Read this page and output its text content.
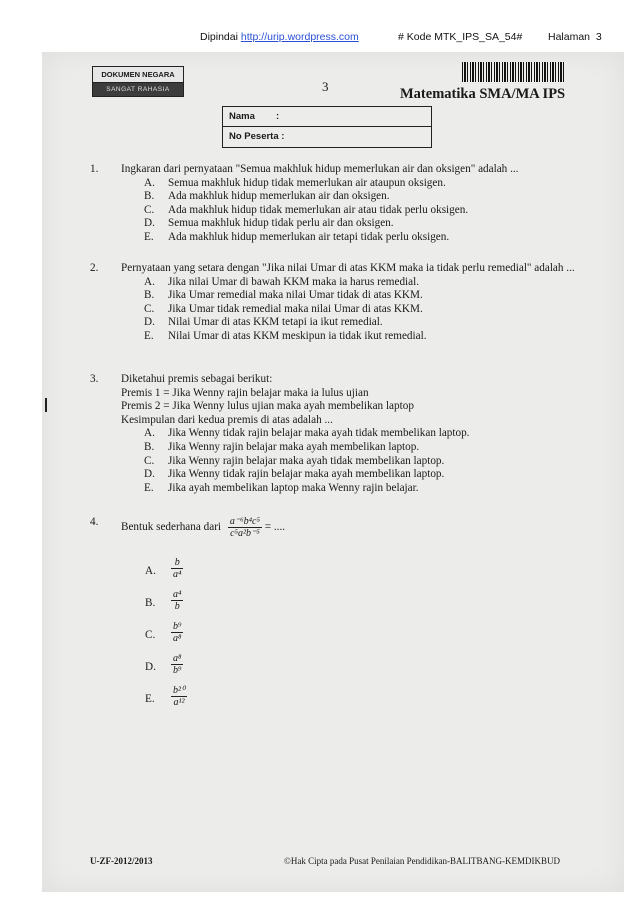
Dipindai http://urip.wordpress.com	# Kode MTK_IPS_SA_54# Halaman 3
DOKUMEN NEGARA
SANGAT RAHASIA	3	Matematika SMA/MA IPS
Nama :
No Peserta :
1.	Ingkaran dari pernyataan "Semua makhluk hidup memerlukan air dan oksigen" adalah ...
A.	Semua makhluk hidup tidak memerlukan air ataupun oksigen.
B.	Ada makhluk hidup memerlukan air dan oksigen.
C.	Ada makhluk hidup tidak memerlukan air atau tidak perlu oksigen.
D.	Semua makhluk hidup tidak perlu air dan oksigen.
E.	Ada makhluk hidup memerlukan air tetapi tidak perlu oksigen.
2.	Pernyataan yang setara dengan "Jika nilai Umar di atas KKM maka ia tidak perlu remedial" adalah ...
A.	Jika nilai Umar di bawah KKM maka ia harus remedial.
B.	Jika Umar remedial maka nilai Umar tidak di atas KKM.
C.	Jika Umar tidak remedial maka nilai Umar di atas KKM.
D.	Nilai Umar di atas KKM tetapi ia ikut remedial.
E.	Nilai Umar di atas KKM meskipun ia tidak ikut remedial.
3.	Diketahui premis sebagai berikut:
Premis 1 = Jika Wenny rajin belajar maka ia lulus ujian
Premis 2 = Jika Wenny lulus ujian maka ayah membelikan laptop
Kesimpulan dari kedua premis di atas adalah ...
A.	Jika Wenny tidak rajin belajar maka ayah tidak membelikan laptop.
B.	Jika Wenny rajin belajar maka ayah membelikan laptop.
C.	Jika Wenny rajin belajar maka ayah tidak membelikan laptop.
D.	Jika Wenny tidak rajin belajar maka ayah membelikan laptop.
E.	Jika ayah membelikan laptop maka Wenny rajin belajar.
4.	Bentuk sederhana dari $\frac{\text{a⁻⁶b⁴c⁵}}{\text{c⁵a²b⁻⁵}}$ = ....
A. $\frac{b}{\text{a⁴}}$
B. $\frac{\text{a⁴}}{b}$
C. $\frac{\text{b⁹}}{\text{a⁸}}$
D. $\frac{\text{a⁸}}{\text{b⁹}}$
E. $\frac{\text{b²⁰}}{\text{a¹²}}$
U-ZF-2012/2013	©Hak Cipta pada Pusat Penilaian Pendidikan-BALITBANG-KEMDIKBUD
